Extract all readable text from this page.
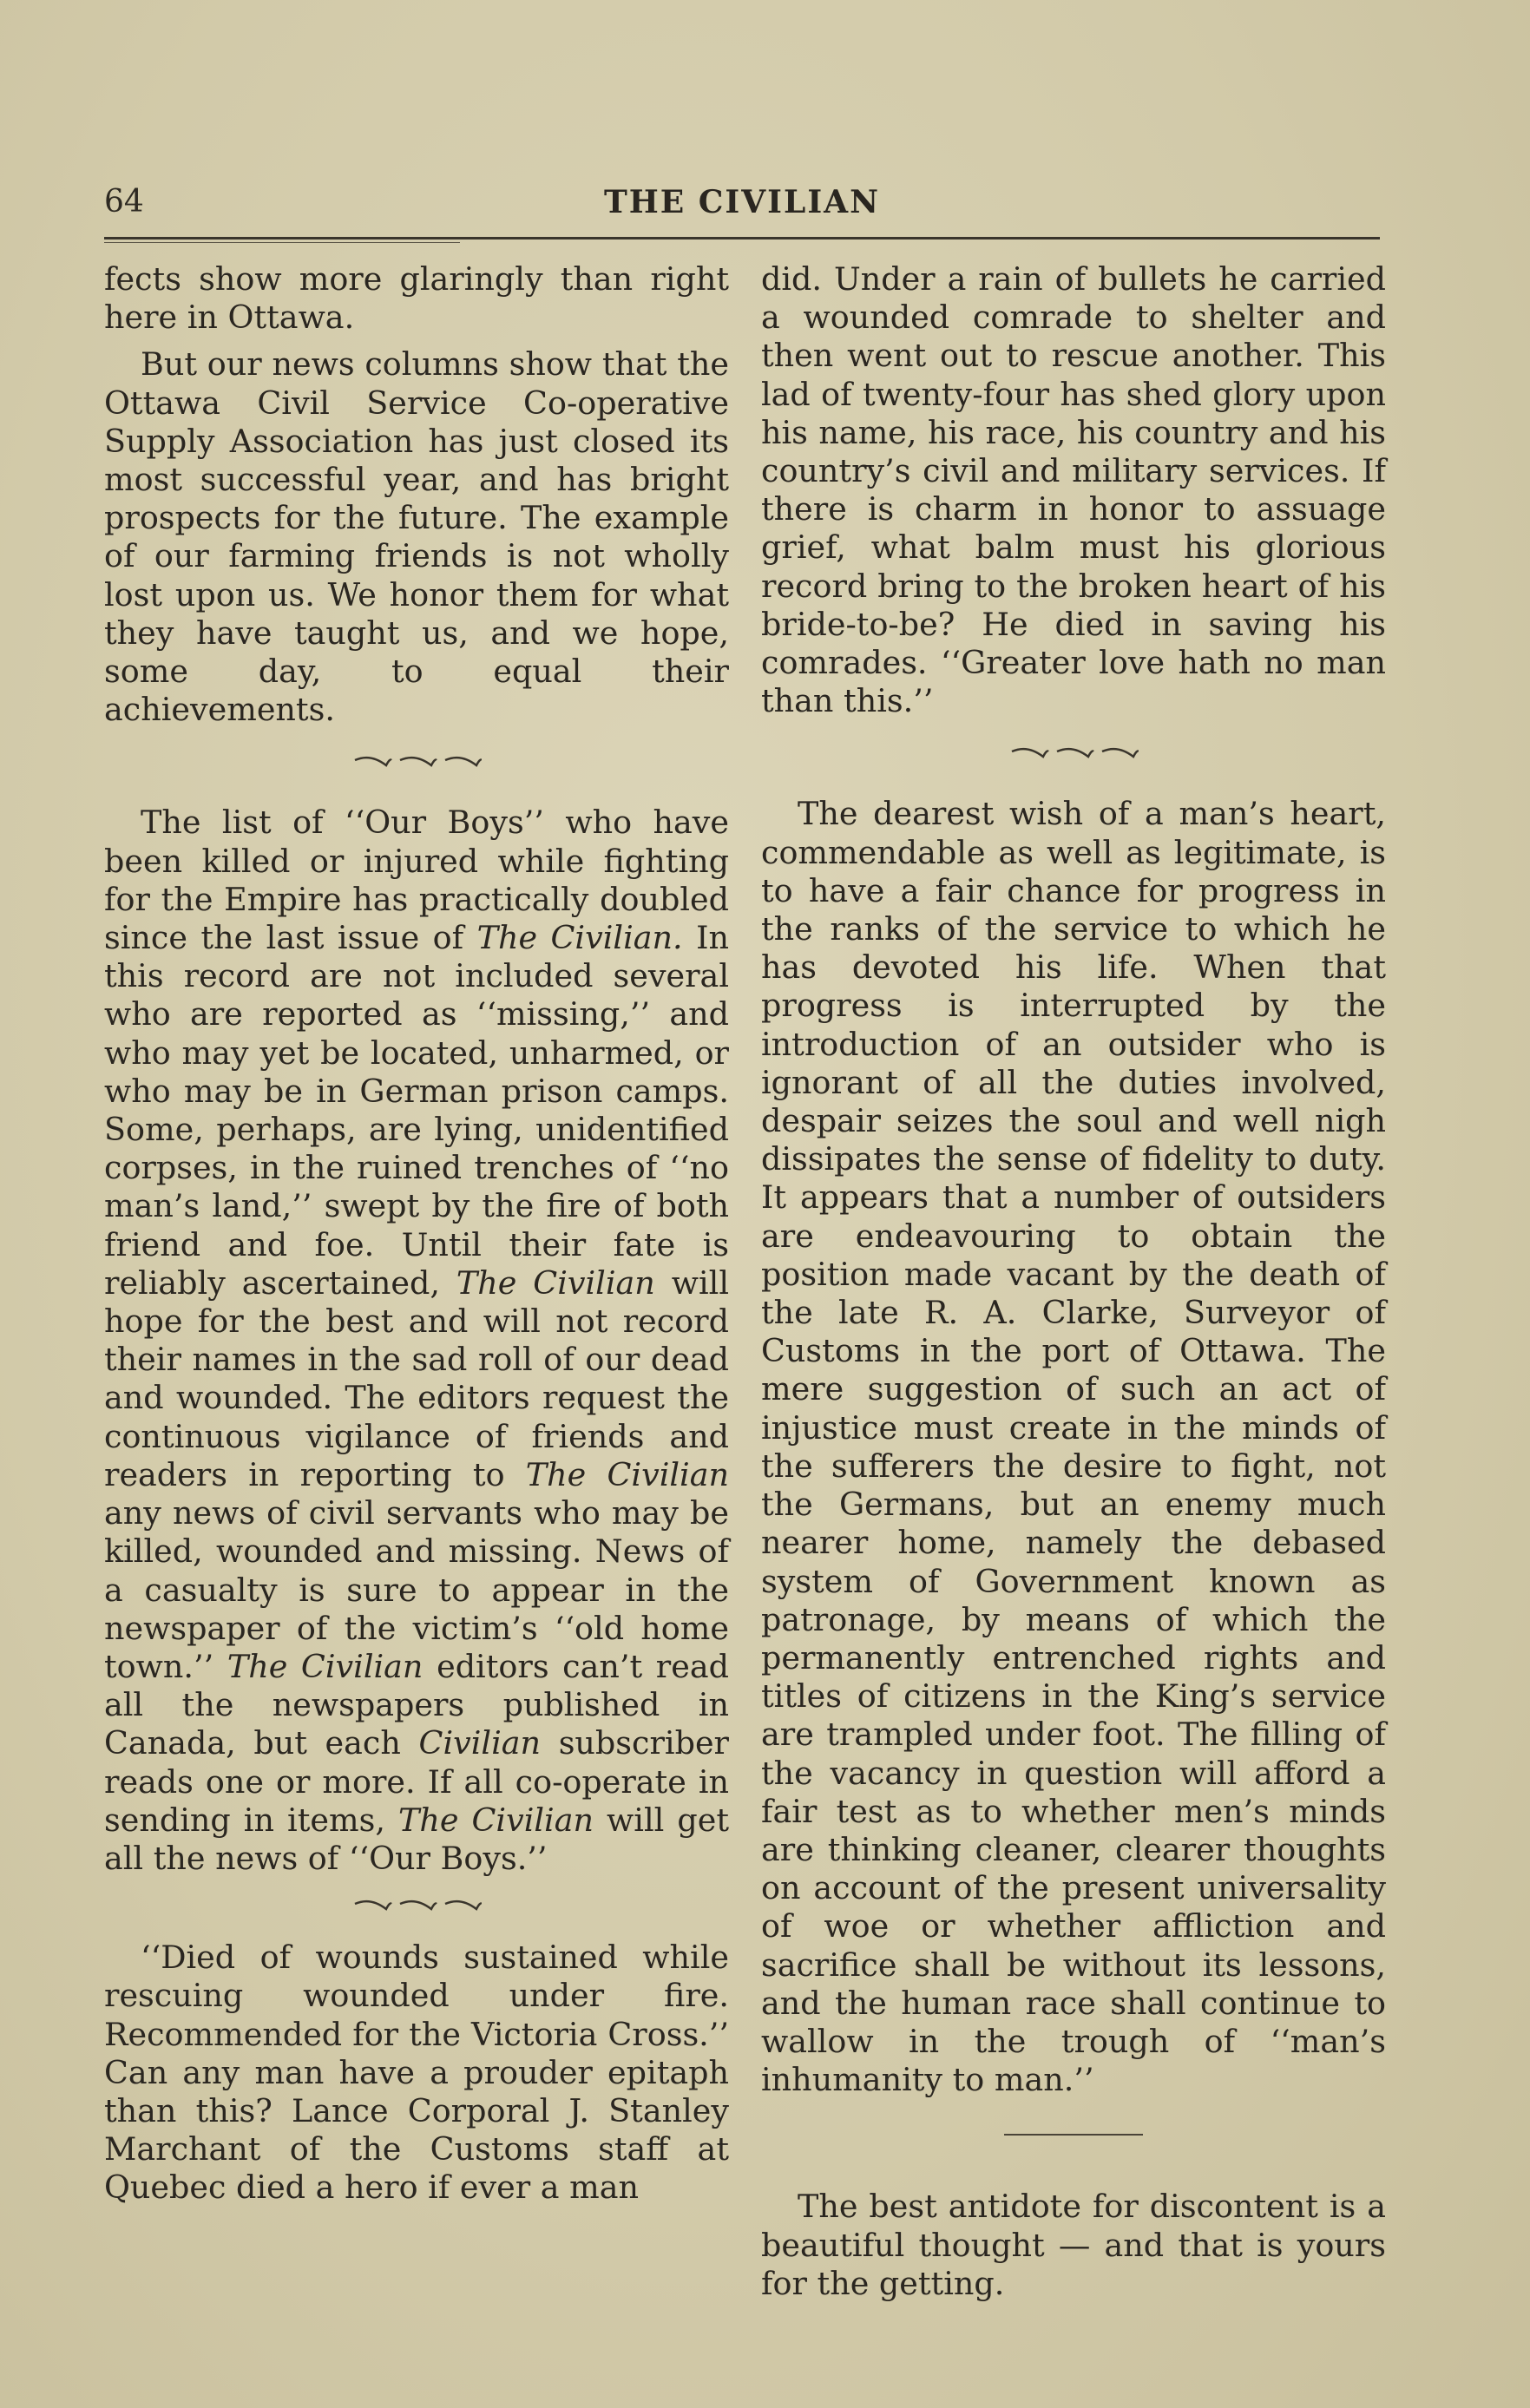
64	THE CIVILIAN

fects show more glaringly than right here in Ottawa.

But our news columns show that the Ottawa Civil Service Co-operative Supply Association has just closed its most successful year, and has bright prospects for the future. The example of our farming friends is not wholly lost upon us. We honor them for what they have taught us, and we hope, some day, to equal their achievements.

The list of ‘‘Our Boys’’ who have been killed or injured while fighting for the Empire has practically doubled since the last issue of The Civilian. In this record are not included several who are reported as ‘‘missing,’’ and who may yet be located, unharmed, or who may be in German prison camps. Some, perhaps, are lying, unidentified corpses, in the ruined trenches of ‘‘no man’s land,’’ swept by the fire of both friend and foe. Until their fate is reliably ascertained, The Civilian will hope for the best and will not record their names in the sad roll of our dead and wounded. The editors request the continuous vigilance of friends and readers in reporting to The Civilian any news of civil servants who may be killed, wounded and missing. News of a casualty is sure to appear in the newspaper of the victim’s ‘‘old home town.’’ The Civilian editors can’t read all the newspapers published in Canada, but each Civilian subscriber reads one or more. If all co-operate in sending in items, The Civilian will get all the news of ‘‘Our Boys.’’

‘‘Died of wounds sustained while rescuing wounded under fire. Recommended for the Victoria Cross.’’ Can any man have a prouder epitaph than this? Lance Corporal J. Stanley Marchant of the Customs staff at Quebec died a hero if ever a man

did. Under a rain of bullets he carried a wounded comrade to shelter and then went out to rescue another. This lad of twenty-four has shed glory upon his name, his race, his country and his country’s civil and military services. If there is charm in honor to assuage grief, what balm must his glorious record bring to the broken heart of his bride-to-be? He died in saving his comrades. ‘‘Greater love hath no man than this.’’

The dearest wish of a man’s heart, commendable as well as legitimate, is to have a fair chance for progress in the ranks of the service to which he has devoted his life. When that progress is interrupted by the introduction of an outsider who is ignorant of all the duties involved, despair seizes the soul and well nigh dissipates the sense of fidelity to duty. It appears that a number of outsiders are endeavouring to obtain the position made vacant by the death of the late R. A. Clarke, Surveyor of Customs in the port of Ottawa. The mere suggestion of such an act of injustice must create in the minds of the sufferers the desire to fight, not the Germans, but an enemy much nearer home, namely the debased system of Government known as patronage, by means of which the permanently entrenched rights and titles of citizens in the King’s service are trampled under foot. The filling of the vacancy in question will afford a fair test as to whether men’s minds are thinking cleaner, clearer thoughts on account of the present universality of woe or whether affliction and sacrifice shall be without its lessons, and the human race shall continue to wallow in the trough of ‘‘man’s inhumanity to man.’’

The best antidote for discontent is a beautiful thought — and that is yours for the getting.
